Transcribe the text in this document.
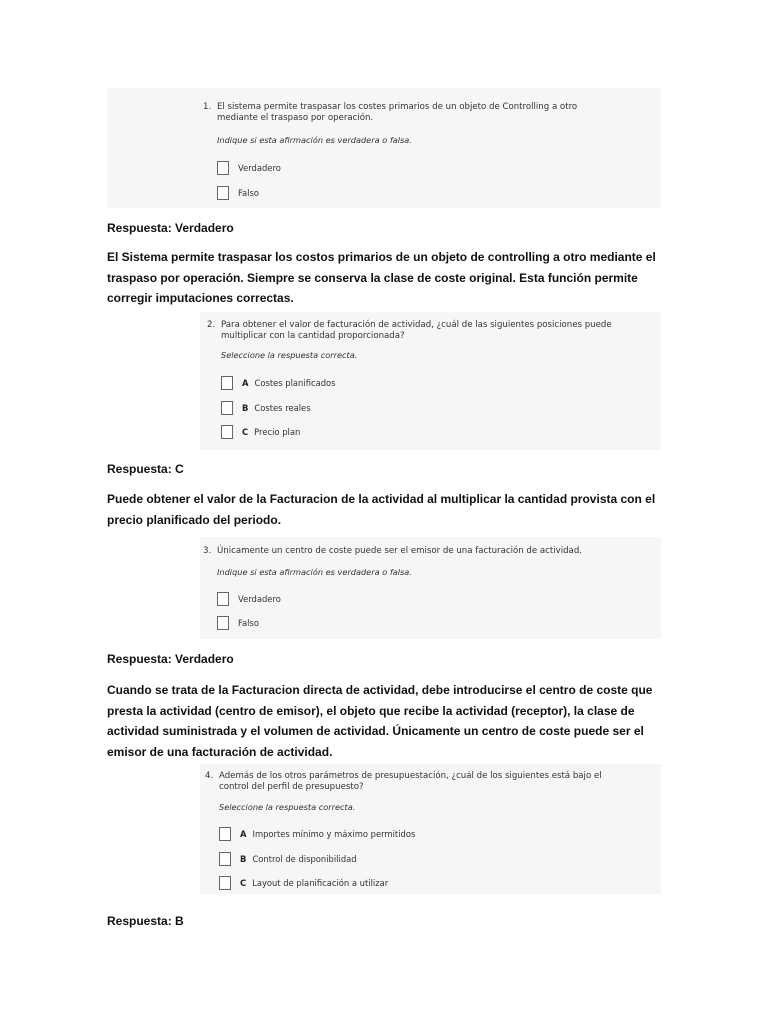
1. El sistema permite traspasar los costes primarios de un objeto de Controlling a otro
mediante el traspaso por operación.
Indique si esta afirmación es verdadera o falsa.
Verdadero
Falso
Respuesta: Verdadero
El Sistema permite traspasar los costos primarios de un objeto de controlling a otro mediante el traspaso por operación. Siempre se conserva la clase de coste original. Esta función permite corregir imputaciones correctas.
2. Para obtener el valor de facturación de actividad, ¿cuál de las siguientes posiciones puede
multiplicar con la cantidad proporcionada?
Seleccione la respuesta correcta.
A Costes planificados
B Costes reales
C Precio plan
Respuesta: C
Puede obtener el valor de la Facturacion de la actividad al multiplicar la cantidad provista con el precio planificado del periodo.
3. Únicamente un centro de coste puede ser el emisor de una facturación de actividad.
Indique si esta afirmación es verdadera o falsa.
Verdadero
Falso
Respuesta: Verdadero
Cuando se trata de la Facturacion directa de actividad, debe introducirse el centro de coste que presta la actividad (centro de emisor), el objeto que recibe la actividad (receptor), la clase de actividad suministrada y el volumen de actividad. Únicamente un centro de coste puede ser el emisor de una facturación de actividad.
4. Además de los otros parámetros de presupuestación, ¿cuál de los siguientes está bajo el
control del perfil de presupuesto?
Seleccione la respuesta correcta.
A Importes mínimo y máximo permitidos
B Control de disponibilidad
C Layout de planificación a utilizar
Respuesta: B
